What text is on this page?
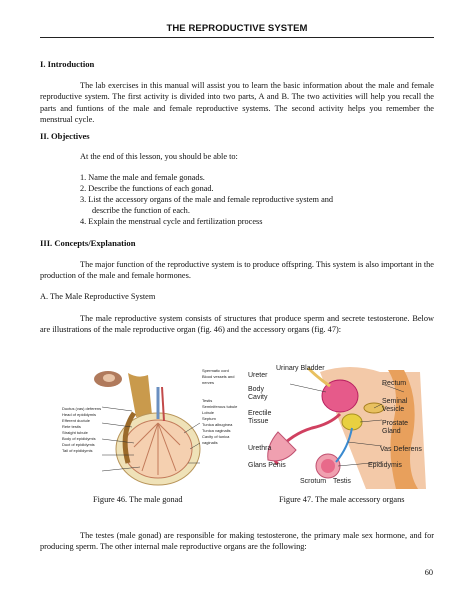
THE REPRODUCTIVE SYSTEM
I. Introduction

The lab exercises in this manual will assist you to learn the basic information about the male and female reproductive system. The first activity is divided into two parts, A and B. The two activities will help you recall the parts and funtions of the male and female reproductive systems. The second activity helps you remember the menstrual cycle.

II. Objectives
At the end of this lesson, you should be able to:
1. Name the male and female gonads.
2. Describe the functions of each gonad.
3. List the accessory organs of the male and female reproductive system and
describe the function of each.
4. Explain the menstrual cycle and fertilization process
III. Concepts/Explanation

The major function of the reproductive system is to produce offspring. This system is also important in the production of the male and female hormones.

A. The Male Reproductive System

The male reproductive system consists of structures that produce sperm and secrete testosterone. Below are illustrations of the male reproductive organ (fig. 46) and the accessory organs (fig. 47):

Ductus (vas) deferens
Head of epididymis
Efferent ductule
Rete testis
Straight tubule
Body of epididymis
Duct of epididymis
Tail of epididymis
Spermatic cord
Blood vessels and nerves
Testis
Seminiferous tubule
Lobule
Septum
Tunica albuginea
Tunica vaginalis
Cavity of tunica vaginalis
Figure 46. The male gonad
Ureter
Urinary Bladder
Body Cavity
Rectum
Erectile Tissue
Seminal Vesicle
Prostate Gland
Urethra	Vas Deferens
Glans Penis	Epididymis
Scrotum Testis
Figure 47. The male accessory organs

The testes (male gonad) are responsible for making testosterone, the primary male sex hormone, and for producing sperm. The other internal male reproductive organs are the following:

60
